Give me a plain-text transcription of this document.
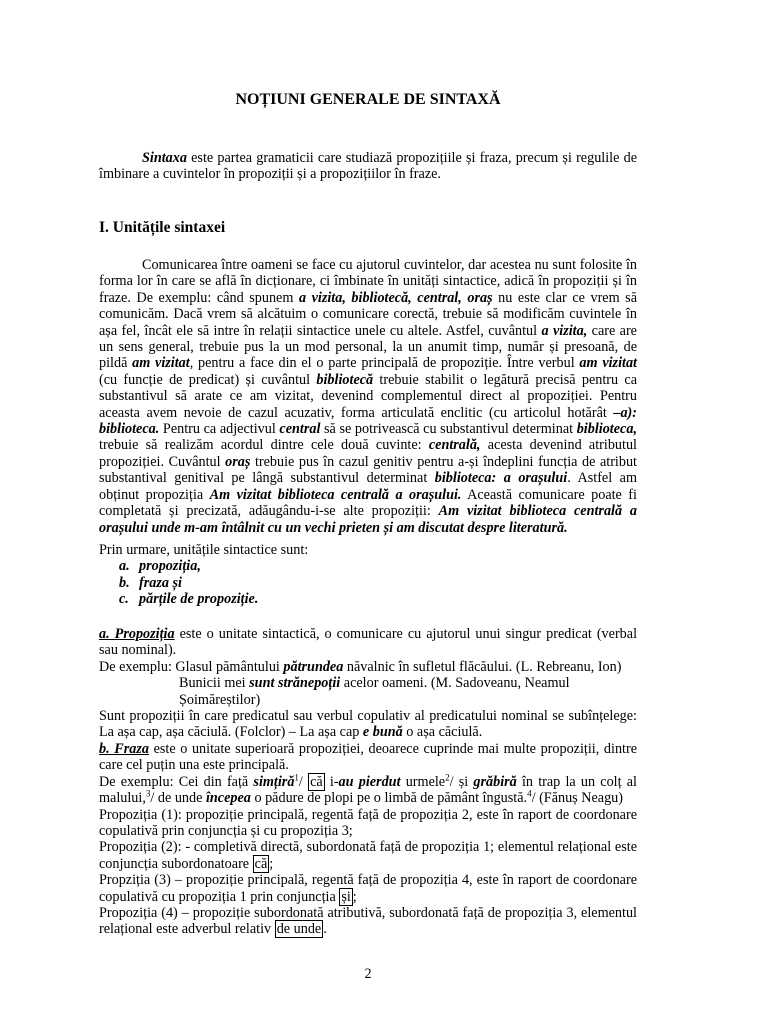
NOȚIUNI GENERALE DE SINTAXĂ

Sintaxa este partea gramaticii care studiază propozițiile și fraza, precum și regulile de îmbinare a cuvintelor în propoziții și a propozițiilor în fraze.

I. Unitățile sintaxei

Comunicarea între oameni se face cu ajutorul cuvintelor, dar acestea nu sunt folosite în forma lor în care se află în dicționare, ci îmbinate în unități sintactice, adică în propoziții și în fraze. De exemplu: când spunem a vizita, bibliotecă, central, oraș nu este clar ce vrem să comunicăm. Dacă vrem să alcătuim o comunicare corectă, trebuie să modificăm cuvintele în așa fel, încât ele să intre în relații sintactice unele cu altele. Astfel, cuvântul a vizita, care are un sens general, trebuie pus la un mod personal, la un anumit timp, număr și presoană, de pildă am vizitat, pentru a face din el o parte principală de propoziție. Între verbul am vizitat (cu funcție de predicat) și cuvântul bibliotecă trebuie stabilit o legătură precisă pentru ca substantivul să arate ce am vizitat, devenind complementul direct al propoziției. Pentru aceasta avem nevoie de cazul acuzativ, forma articulată enclitic (cu articolul hotărât –a): biblioteca. Pentru ca adjectivul central să se potrivească cu substantivul determinat biblioteca, trebuie să realizăm acordul dintre cele două cuvinte: centrală, acesta devenind atributul propoziției. Cuvântul oraș trebuie pus în cazul genitiv pentru a-și îndeplini funcția de atribut substantival genitival pe lângă substantivul determinat biblioteca: a orașului. Astfel am obținut propoziția Am vizitat biblioteca centrală a orașului. Această comunicare poate fi completată și precizată, adăugându-i-se alte propoziții: Am vizitat biblioteca centrală a orașului unde m-am întâlnit cu un vechi prieten și am discutat despre literatură.

Prin urmare, unitățile sintactice sunt:

a. propoziția,
b. fraza și
c. părțile de propoziție.

a. Propoziția este o unitate sintactică, o comunicare cu ajutorul unui singur predicat (verbal sau nominal).

De exemplu: Glasul pământului pătrundea năvalnic în sufletul flăcăului. (L. Rebreanu, Ion)

Bunicii mei sunt strănepoții acelor oameni. (M. Sadoveanu, Neamul Șoimăreștilor)

Sunt propoziții în care predicatul sau verbul copulativ al predicatului nominal se subînțelege: La așa cap, așa căciulă. (Folclor) – La așa cap e bună o așa căciulă.

b. Fraza este o unitate superioară propoziției, deoarece cuprinde mai multe propoziții, dintre care cel puțin una este principală.

De exemplu: Cei din față simțiră$^1$/ că i-au pierdut urmele$^2$/ și grăbiră în trap la un colț al malului,$^3$/ de unde începea o pădure de plopi pe o limbă de pământ îngustă.$^4$/ (Fănuș Neagu)

Propoziția (1): propoziție principală, regentă față de propoziția 2, este în raport de coordonare copulativă prin conjuncția și cu propoziția 3;

Propoziția (2): - completivă directă, subordonată față de propoziția 1; elementul relațional este conjuncția subordonatoare că ;

Propziția (3) – propoziție principală, regentă față de propoziția 4, este în raport de coordonare copulativă cu propoziția 1 prin conjuncția și ;

Propoziția (4) – propoziție subordonată atributivă, subordonată față de propoziția 3, elementul relațional este adverbul relativ de unde .

2
